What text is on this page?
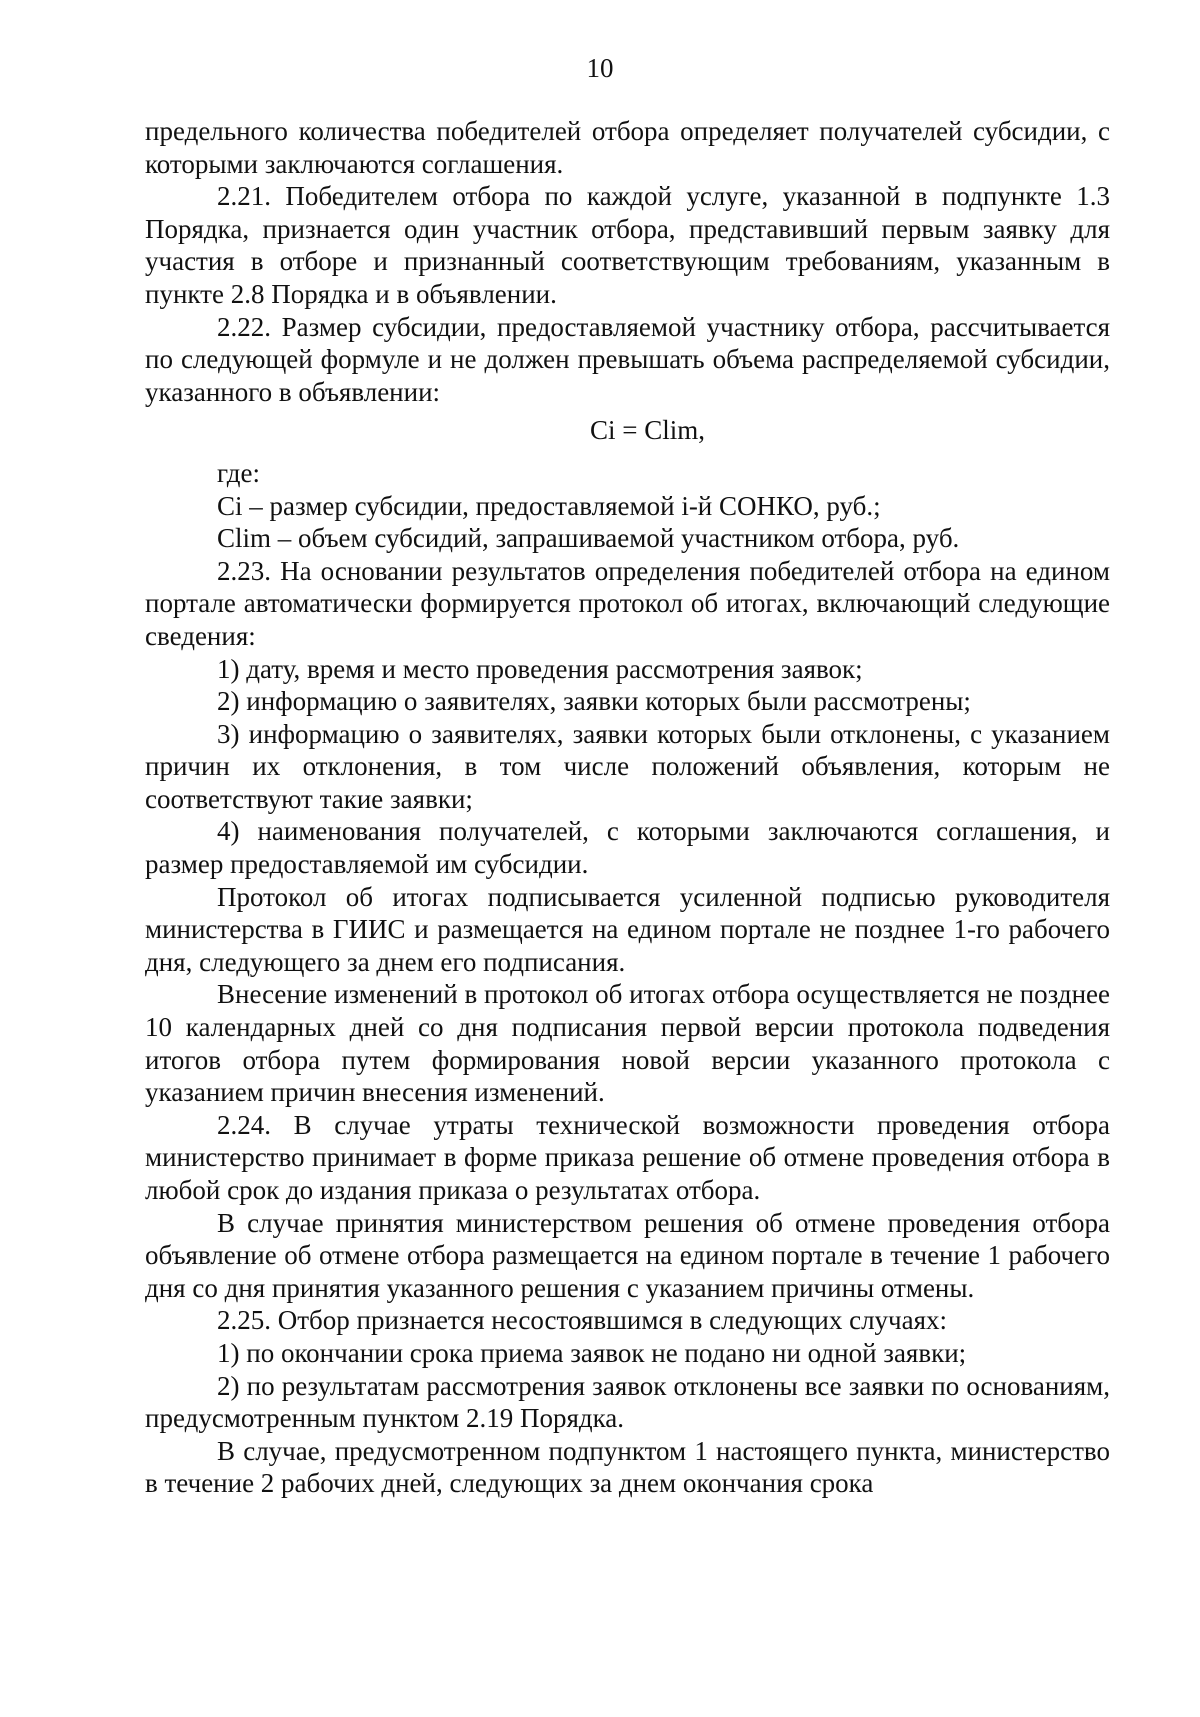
10

предельного количества победителей отбора определяет получателей субсидии, с которыми заключаются соглашения.

2.21. Победителем отбора по каждой услуге, указанной в подпункте 1.3 Порядка, признается один участник отбора, представивший первым заявку для участия в отборе и признанный соответствующим требованиям, указанным в пункте 2.8 Порядка и в объявлении.

2.22. Размер субсидии, предоставляемой участнику отбора, рассчитывается по следующей формуле и не должен превышать объема распределяемой субсидии, указанного в объявлении:

Ci = Clim,

где:

Ci – размер субсидии, предоставляемой i-й СОНКО, руб.;

Clim – объем субсидий, запрашиваемой участником отбора, руб.

2.23. На основании результатов определения победителей отбора на едином портале автоматически формируется протокол об итогах, включающий следующие сведения:

1) дату, время и место проведения рассмотрения заявок;

2) информацию о заявителях, заявки которых были рассмотрены;

3) информацию о заявителях, заявки которых были отклонены, с указанием причин их отклонения, в том числе положений объявления, которым не соответствуют такие заявки;

4) наименования получателей, с которыми заключаются соглашения, и размер предоставляемой им субсидии.

Протокол об итогах подписывается усиленной подписью руководителя министерства в ГИИС и размещается на едином портале не позднее 1-го рабочего дня, следующего за днем его подписания.

Внесение изменений в протокол об итогах отбора осуществляется не позднее 10 календарных дней со дня подписания первой версии протокола подведения итогов отбора путем формирования новой версии указанного протокола с указанием причин внесения изменений.

2.24. В случае утраты технической возможности проведения отбора министерство принимает в форме приказа решение об отмене проведения отбора в любой срок до издания приказа о результатах отбора.

В случае принятия министерством решения об отмене проведения отбора объявление об отмене отбора размещается на едином портале в течение 1 рабочего дня со дня принятия указанного решения с указанием причины отмены.

2.25. Отбор признается несостоявшимся в следующих случаях:

1) по окончании срока приема заявок не подано ни одной заявки;

2) по результатам рассмотрения заявок отклонены все заявки по основаниям, предусмотренным пунктом 2.19 Порядка.

В случае, предусмотренном подпунктом 1 настоящего пункта, министерство в течение 2 рабочих дней, следующих за днем окончания срока
